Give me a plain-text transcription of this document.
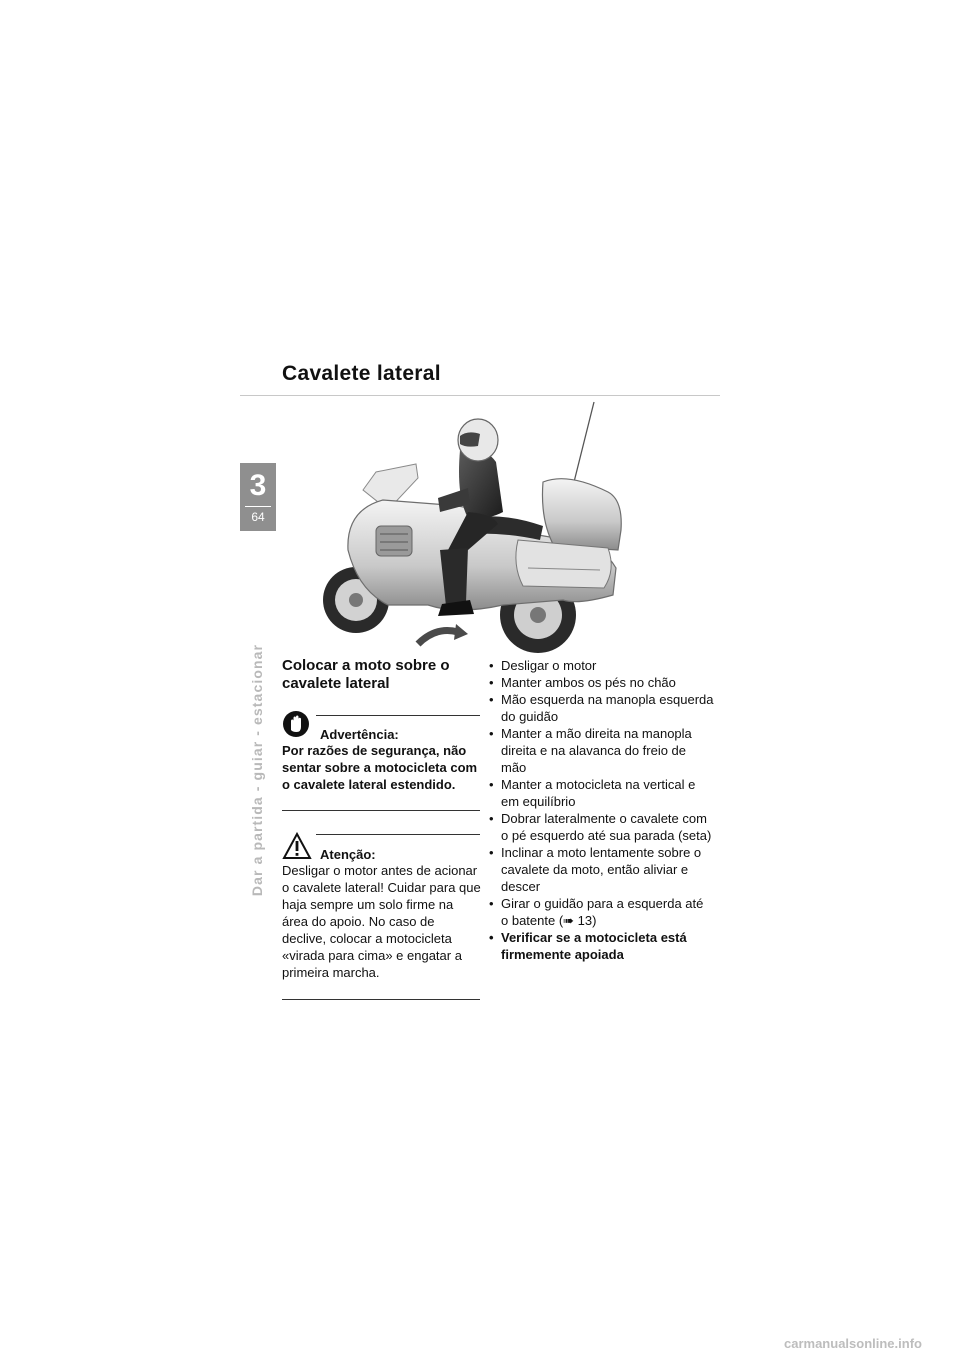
Cavalete lateral
3
64
Dar a partida - guiar - estacionar Colocar a moto sobre o cavalete lateral
Advertência:
Por razões de segurança, não sentar sobre a motocicleta com o cavalete lateral estendido.
Atenção:
Desligar o motor antes de acionar o cavalete lateral! Cuidar para que haja sempre um solo firme na área do apoio. No caso de declive, colocar a motocicleta «virada para cima» e engatar a primeira marcha.
• Desligar o motor
• Manter ambos os pés no chão
• Mão esquerda na manopla esquerda do guidão
• Manter a mão direita na manopla direita e na alavanca do freio de mão
• Manter a motocicleta na vertical e em equilíbrio
• Dobrar lateralmente o cavalete com o pé esquerdo até sua parada (seta)
• Inclinar a moto lentamente sobre o cavalete da moto, então aliviar e descer
• Girar o guidão para a esquerda até o batente (➠ 13)
• Verificar se a motocicleta está firmemente apoiada
carmanualsonline.info
